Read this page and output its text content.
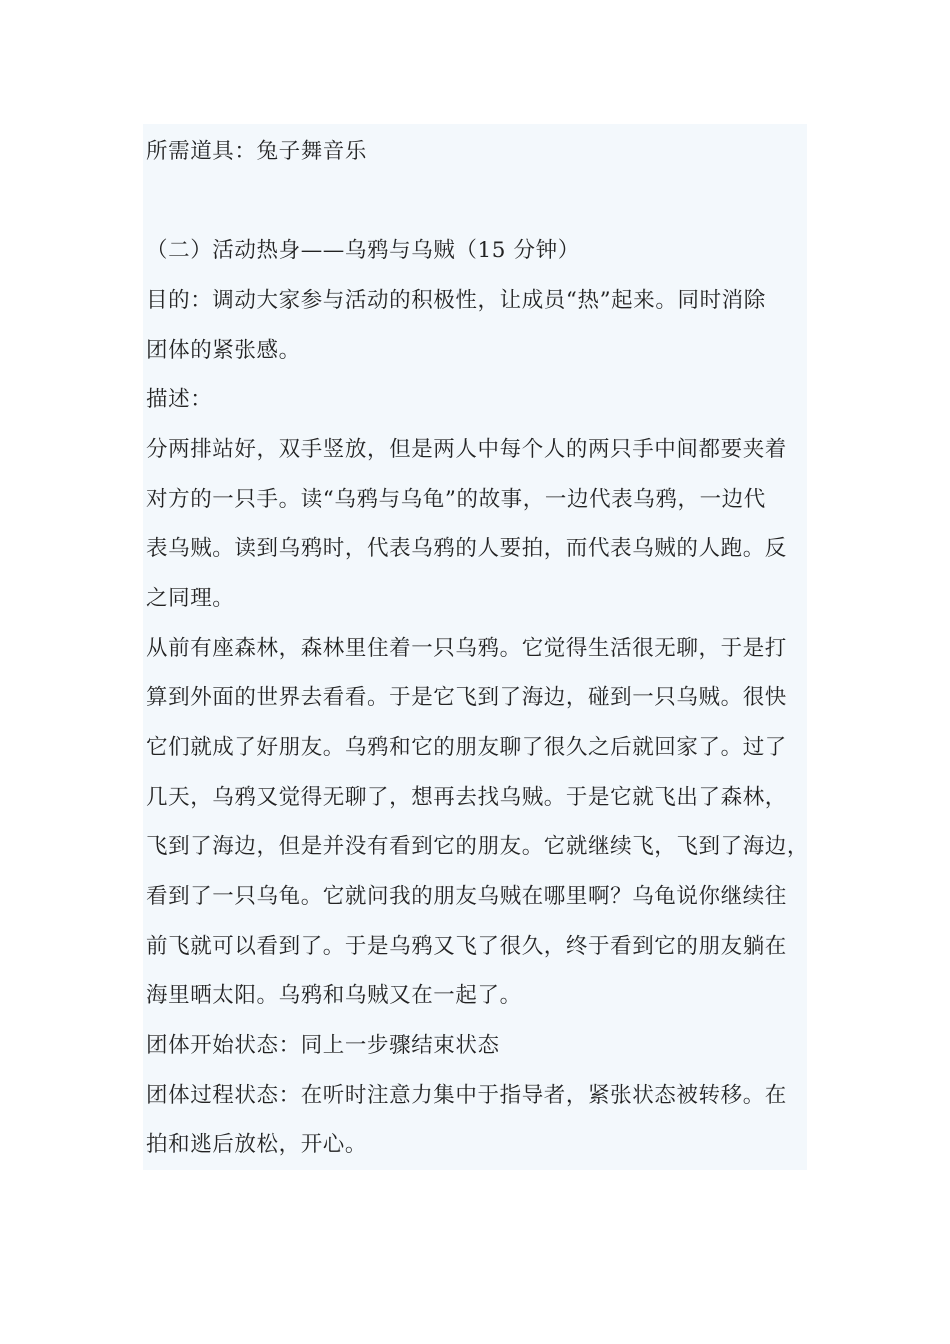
所需道具：兔子舞音乐
（二）活动热身——乌鸦与乌贼（15 分钟）
目的：调动大家参与活动的积极性，让成员“热”起来。同时消除
团体的紧张感。
描述：
分两排站好，双手竖放，但是两人中每个人的两只手中间都要夹着
对方的一只手。读“乌鸦与乌龟”的故事，一边代表乌鸦，一边代
表乌贼。读到乌鸦时，代表乌鸦的人要拍，而代表乌贼的人跑。反
之同理。
从前有座森林，森林里住着一只乌鸦。它觉得生活很无聊，于是打
算到外面的世界去看看。于是它飞到了海边，碰到一只乌贼。很快
它们就成了好朋友。乌鸦和它的朋友聊了很久之后就回家了。过了
几天，乌鸦又觉得无聊了，想再去找乌贼。于是它就飞出了森林，
飞到了海边，但是并没有看到它的朋友。它就继续飞，飞到了海边，
看到了一只乌龟。它就问我的朋友乌贼在哪里啊？乌龟说你继续往
前飞就可以看到了。于是乌鸦又飞了很久，终于看到它的朋友躺在
海里晒太阳。乌鸦和乌贼又在一起了。
团体开始状态：同上一步骤结束状态
团体过程状态：在听时注意力集中于指导者，紧张状态被转移。在
拍和逃后放松，开心。
